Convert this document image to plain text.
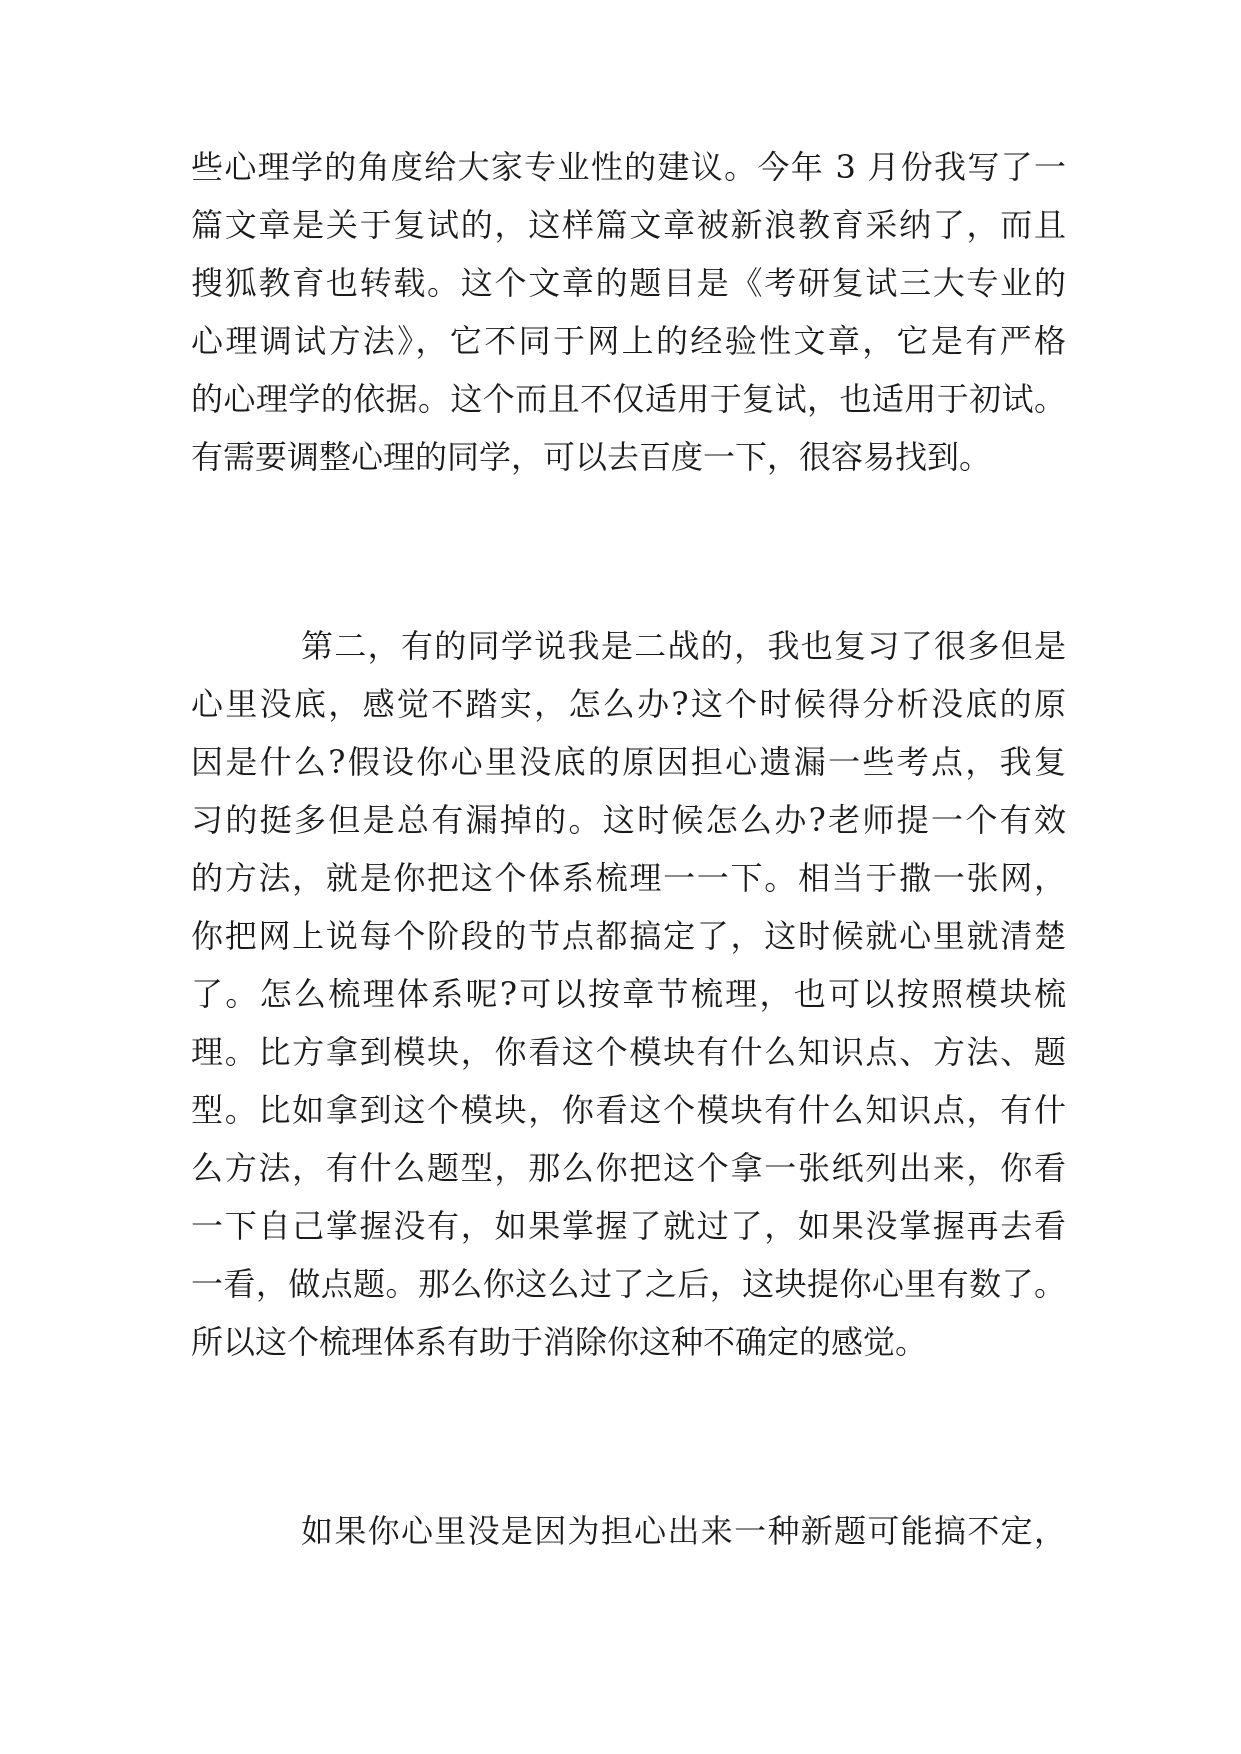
些心理学的角度给大家专业性的建议。今年 3 月份我写了一
篇文章是关于复试的，这样篇文章被新浪教育采纳了，而且
搜狐教育也转载。这个文章的题目是《考研复试三大专业的
心理调试方法》，它不同于网上的经验性文章，它是有严格
的心理学的依据。这个而且不仅适用于复试，也适用于初试。
有需要调整心理的同学，可以去百度一下，很容易找到。
第二，有的同学说我是二战的，我也复习了很多但是
心里没底，感觉不踏实，怎么办?这个时候得分析没底的原
因是什么?假设你心里没底的原因担心遗漏一些考点，我复
习的挺多但是总有漏掉的。这时候怎么办?老师提一个有效
的方法，就是你把这个体系梳理一一下。相当于撒一张网，
你把网上说每个阶段的节点都搞定了，这时候就心里就清楚
了。怎么梳理体系呢?可以按章节梳理，也可以按照模块梳
理。比方拿到模块，你看这个模块有什么知识点、方法、题
型。比如拿到这个模块，你看这个模块有什么知识点，有什
么方法，有什么题型，那么你把这个拿一张纸列出来，你看
一下自己掌握没有，如果掌握了就过了，如果没掌握再去看
一看，做点题。那么你这么过了之后，这块提你心里有数了。
所以这个梳理体系有助于消除你这种不确定的感觉。
如果你心里没是因为担心出来一种新题可能搞不定，
